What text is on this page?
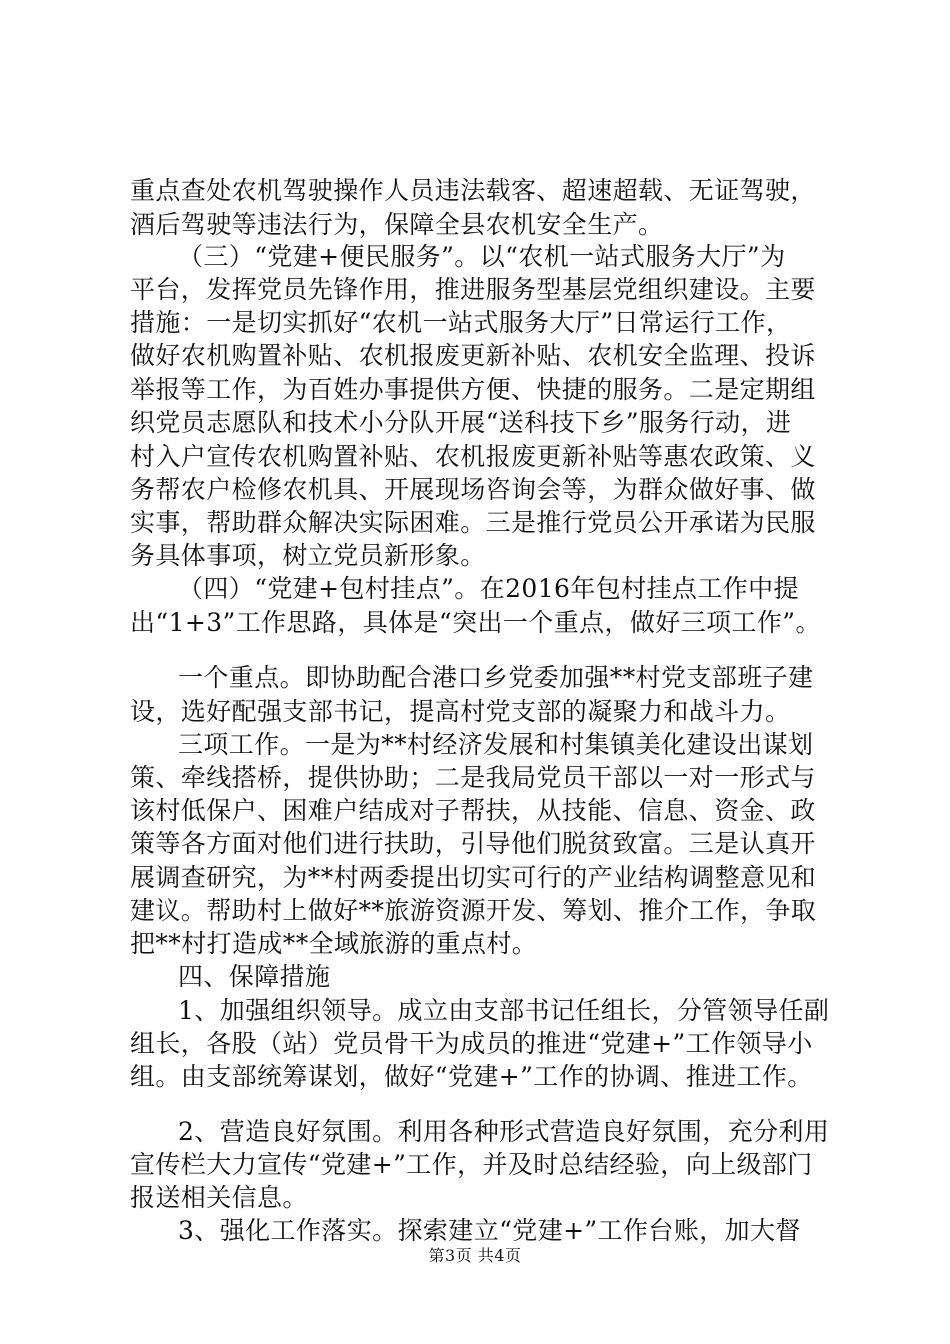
重点查处农机驾驶操作人员违法载客、超速超载、无证驾驶，
酒后驾驶等违法行为，保障全县农机安全生产。
（三）“党建+便民服务”。以“农机一站式服务大厅”为
平台，发挥党员先锋作用，推进服务型基层党组织建设。主要
措施：一是切实抓好“农机一站式服务大厅”日常运行工作，
做好农机购置补贴、农机报废更新补贴、农机安全监理、投诉
举报等工作，为百姓办事提供方便、快捷的服务。二是定期组
织党员志愿队和技术小分队开展“送科技下乡”服务行动，进
村入户宣传农机购置补贴、农机报废更新补贴等惠农政策、义
务帮农户检修农机具、开展现场咨询会等，为群众做好事、做
实事，帮助群众解决实际困难。三是推行党员公开承诺为民服
务具体事项，树立党员新形象。
（四）“党建+包村挂点”。在2016年包村挂点工作中提
出“1+3”工作思路，具体是“突出一个重点，做好三项工作”。
一个重点。即协助配合港口乡党委加强**村党支部班子建
设，选好配强支部书记，提高村党支部的凝聚力和战斗力。
三项工作。一是为**村经济发展和村集镇美化建设出谋划
策、牵线搭桥，提供协助；二是我局党员干部以一对一形式与
该村低保户、困难户结成对子帮扶，从技能、信息、资金、政
策等各方面对他们进行扶助，引导他们脱贫致富。三是认真开
展调查研究，为**村两委提出切实可行的产业结构调整意见和
建议。帮助村上做好**旅游资源开发、筹划、推介工作，争取
把**村打造成**全域旅游的重点村。
四、保障措施
1、加强组织领导。成立由支部书记任组长，分管领导任副
组长，各股（站）党员骨干为成员的推进“党建+”工作领导小
组。由支部统筹谋划，做好“党建+”工作的协调、推进工作。
2、营造良好氛围。利用各种形式营造良好氛围，充分利用
宣传栏大力宣传“党建+”工作，并及时总结经验，向上级部门
报送相关信息。
3、强化工作落实。探索建立“党建+”工作台账，加大督
第3页 共4页
